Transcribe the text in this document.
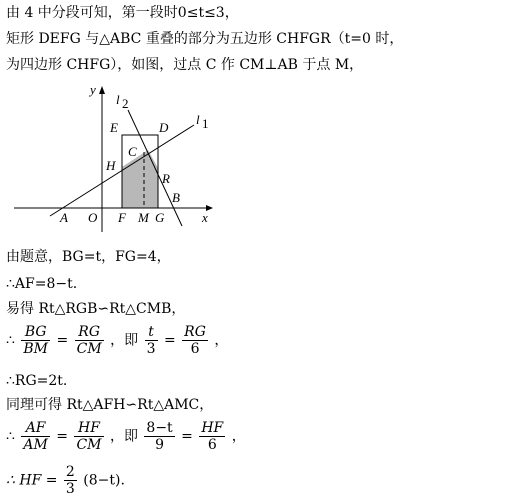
由 4 中分段可知，第一段时0≤t≤3，
矩形 DEFG 与△ABC 重叠的部分为五边形 CHFGR（t=0 时，
为四边形 CHFG），如图，过点 C 作 CM⊥AB 于点 M，
y
l 2
l 1
E	D
C
H
R
B
A O F M G	x
由题意，BG=t，FG=4，
∴AF=8−t.
易得 Rt△RGB∽Rt△CMB，
∴ $\frac{BG}{BM} = \frac{RG}{CM}$ ，即 $\frac{t}{3} = \frac{RG}{6}$ ，
∴RG=2t.
同理可得 Rt△AFH∽Rt△AMC，
∴ $\frac{AF}{AM} = \frac{HF}{CM}$ ，即 $\frac{8-t}{9} = \frac{HF}{6}$ ，
∴ HF = $\frac{2}{3} (8-t)$.
